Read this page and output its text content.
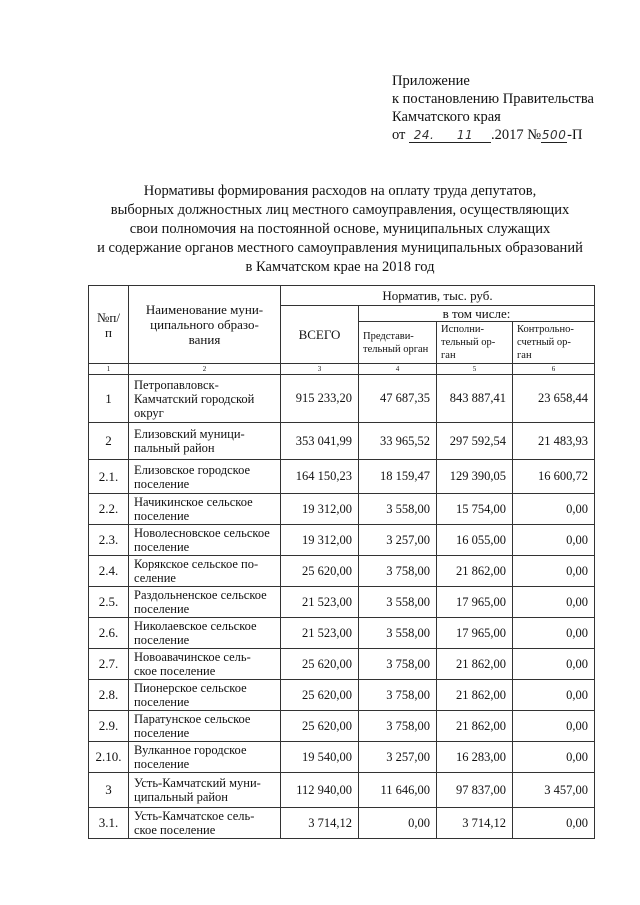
Приложение
к постановлению Правительства
Камчатского края
от 24. 11 .2017 №500-П
Нормативы формирования расходов на оплату труда депутатов,
выборных должностных лиц местного самоуправления, осуществляющих
свои полномочия на постоянной основе, муниципальных служащих
и содержание органов местного самоуправления муниципальных образований
в Камчатском крае на 2018 год
№п/
п	Наименование муни-
ципального образо-
вания	Норматив, тыс. руб.			
		ВСЕГО	в том числе:		
			Представи-
тельный орган	Исполни-
тельный ор-
ган	Контрольно-
счетный ор-
ган
1	2	3	4	5	6
1	Петропавловск-
Камчатский городской
округ	915 233,20	47 687,35	843 887,41	23 658,44
2	Елизовский муници-
пальный район	353 041,99	33 965,52	297 592,54	21 483,93
2.1.	Елизовское городское
поселение	164 150,23	18 159,47	129 390,05	16 600,72
2.2.	Начикинское сельское
поселение	19 312,00	3 558,00	15 754,00	0,00
2.3.	Новолесновское сельское
поселение	19 312,00	3 257,00	16 055,00	0,00
2.4.	Корякское сельское по-
селение	25 620,00	3 758,00	21 862,00	0,00
2.5.	Раздольненское сельское
поселение	21 523,00	3 558,00	17 965,00	0,00
2.6.	Николаевское сельское
поселение	21 523,00	3 558,00	17 965,00	0,00
2.7.	Новоавачинское сель-
ское поселение	25 620,00	3 758,00	21 862,00	0,00
2.8.	Пионерское сельское
поселение	25 620,00	3 758,00	21 862,00	0,00
2.9.	Паратунское сельское
поселение	25 620,00	3 758,00	21 862,00	0,00
2.10.	Вулканное городское
поселение	19 540,00	3 257,00	16 283,00	0,00
3	Усть-Камчатский муни-
ципальный район	112 940,00	11 646,00	97 837,00	3 457,00
3.1.	Усть-Камчатское сель-
ское поселение	3 714,12	0,00	3 714,12	0,00
